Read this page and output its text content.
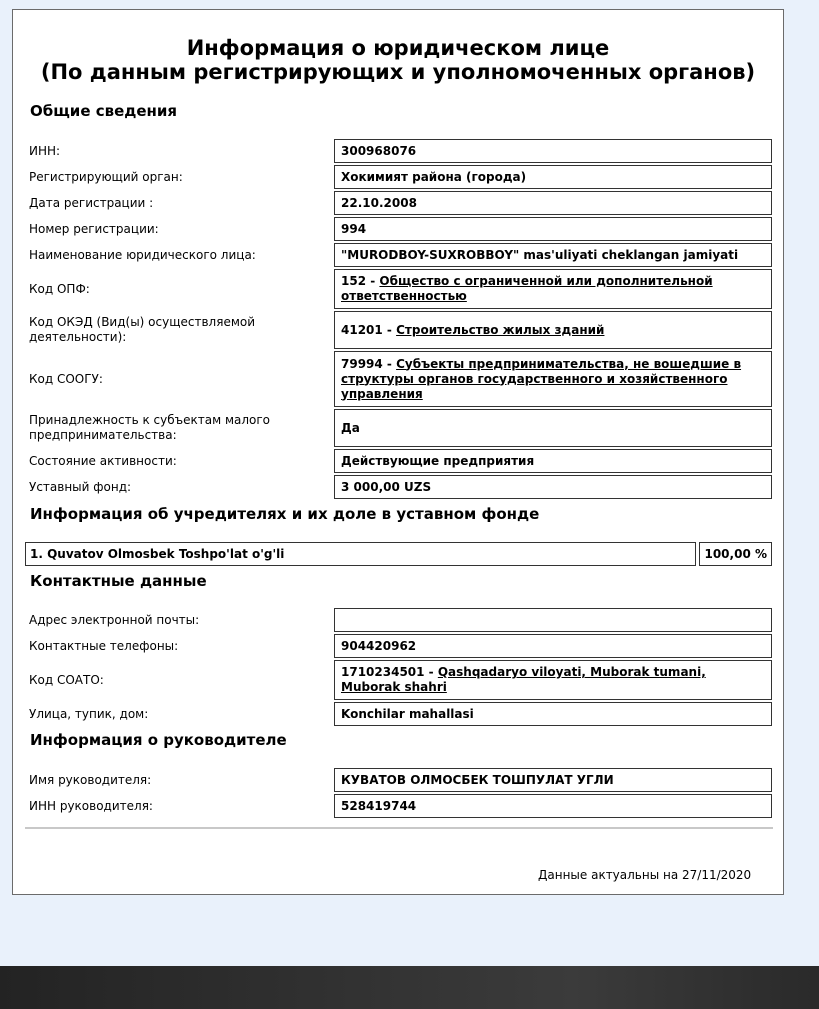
Информация о юридическом лице
(По данным регистрирующих и уполномоченных органов)
Общие сведения
ИНН:	300968076
Регистрирующий орган:	Хокимият района (города)
Дата регистрации :	22.10.2008
Номер регистрации:	994
Наименование юридического лица:	"MURODBOY-SUXROBBOY" mas'uliyati cheklangan jamiyati
Код ОПФ:
152 - Общество с ограниченной или дополнительной ответственностью
Код ОКЭД (Вид(ы) осуществляемой деятельности):
41201 - Строительство жилых зданий
Код СООГУ:
79994 - Субъекты предпринимательства, не вошедшие в структуры органов государственного и хозяйственного управления
Принадлежность к субъектам малого предпринимательства:
Да
Состояние активности:	Действующие предприятия
Уставный фонд:	3 000,00 UZS
Информация об учредителях и их доле в уставном фонде
1. Quvatov Olmosbek Toshpo'lat o'g'li	100,00 %
Контактные данные
Адрес электронной почты:
Контактные телефоны:	904420962
Код СОАТО:
1710234501 - Qashqadaryo viloyati, Muborak tumani, Muborak shahri
Улица, тупик, дом:	Konchilar mahallasi
Информация о руководителе
Имя руководителя:	КУВАТОВ ОЛМОСБЕК ТОШПУЛАТ УГЛИ
ИНН руководителя:	528419744
Данные актуальны на 27/11/2020
